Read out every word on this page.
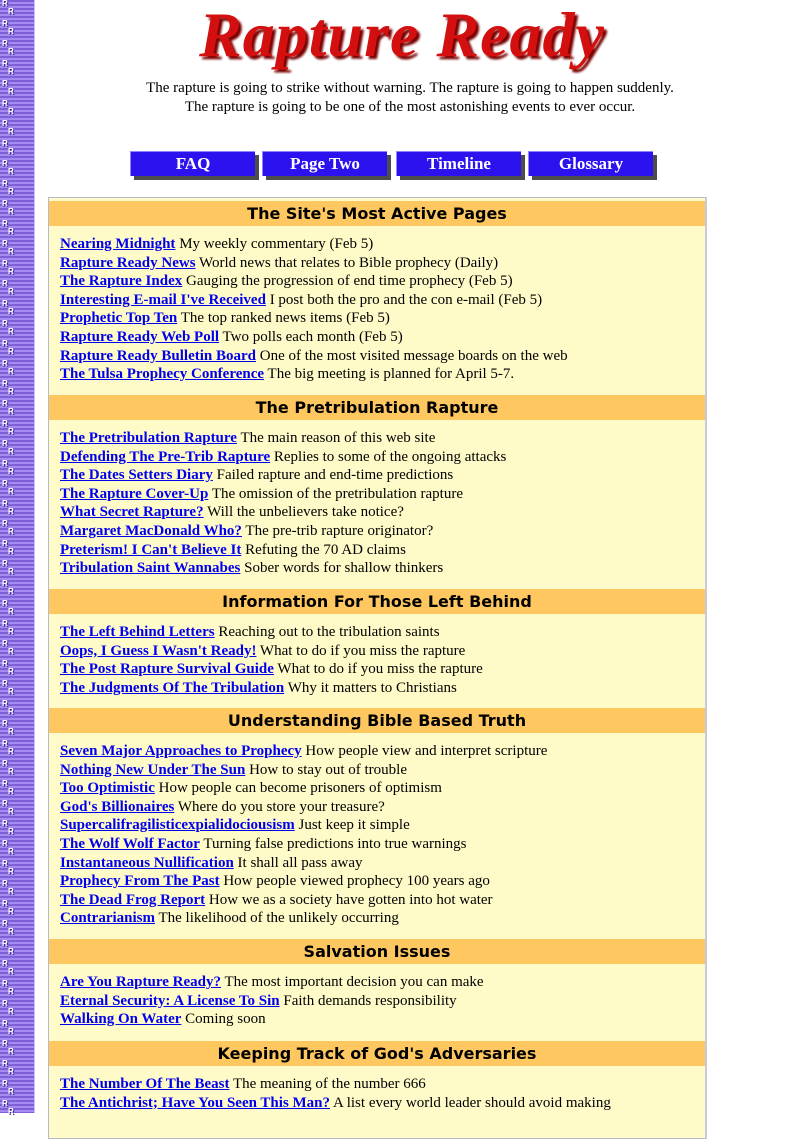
R
R
R
R
R
R
R
R
R
R
R
R
R
R
R
R
R
R
R
R
R
R
R
R
R
R
R
R
R
R
R
R
R
R
R
R
R
R
R
R
R
R
R
R
R
R
R
R
R
R
R
R
R
R
R
R
R
R
R
R
R
R
R
R
R
R
R
R
R
R
R
R
R
R
R
R
R
R
R
R
R
R
R
R
R
R
R
R
R
R
R
R
R
R
R
R
R
R
R
R
R
R
R
R
R
R
R
R
R
R
R
R
Rapture Ready
The rapture is going to strike without warning. The rapture is going to happen suddenly.
The rapture is going to be one of the most astonishing events to ever occur.
FAQ	Page Two	Timeline	Glossary
The Site's Most Active Pages
Nearing Midnight My weekly commentary (Feb 5)
Rapture Ready News World news that relates to Bible prophecy (Daily)
The Rapture Index Gauging the progression of end time prophecy (Feb 5)
Interesting E-mail I've Received I post both the pro and the con e-mail (Feb 5)
Prophetic Top Ten The top ranked news items (Feb 5)
Rapture Ready Web Poll Two polls each month (Feb 5)
Rapture Ready Bulletin Board One of the most visited message boards on the web
The Tulsa Prophecy Conference The big meeting is planned for April 5-7.
The Pretribulation Rapture
The Pretribulation Rapture The main reason of this web site
Defending The Pre-Trib Rapture Replies to some of the ongoing attacks
The Dates Setters Diary Failed rapture and end-time predictions
The Rapture Cover-Up The omission of the pretribulation rapture
What Secret Rapture? Will the unbelievers take notice?
Margaret MacDonald Who? The pre-trib rapture originator?
Preterism! I Can't Believe It Refuting the 70 AD claims
Tribulation Saint Wannabes Sober words for shallow thinkers
Information For Those Left Behind
The Left Behind Letters Reaching out to the tribulation saints
Oops, I Guess I Wasn't Ready! What to do if you miss the rapture
The Post Rapture Survival Guide What to do if you miss the rapture
The Judgments Of The Tribulation Why it matters to Christians
Understanding Bible Based Truth
Seven Major Approaches to Prophecy How people view and interpret scripture
Nothing New Under The Sun How to stay out of trouble
Too Optimistic How people can become prisoners of optimism
God's Billionaires Where do you store your treasure?
Supercalifragilisticexpialidociousism Just keep it simple
The Wolf Wolf Factor Turning false predictions into true warnings
Instantaneous Nullification It shall all pass away
Prophecy From The Past How people viewed prophecy 100 years ago
The Dead Frog Report How we as a society have gotten into hot water
Contrarianism The likelihood of the unlikely occurring
Salvation Issues
Are You Rapture Ready? The most important decision you can make
Eternal Security: A License To Sin Faith demands responsibility
Walking On Water Coming soon
Keeping Track of God's Adversaries
The Number Of The Beast The meaning of the number 666
The Antichrist; Have You Seen This Man? A list every world leader should avoid making
